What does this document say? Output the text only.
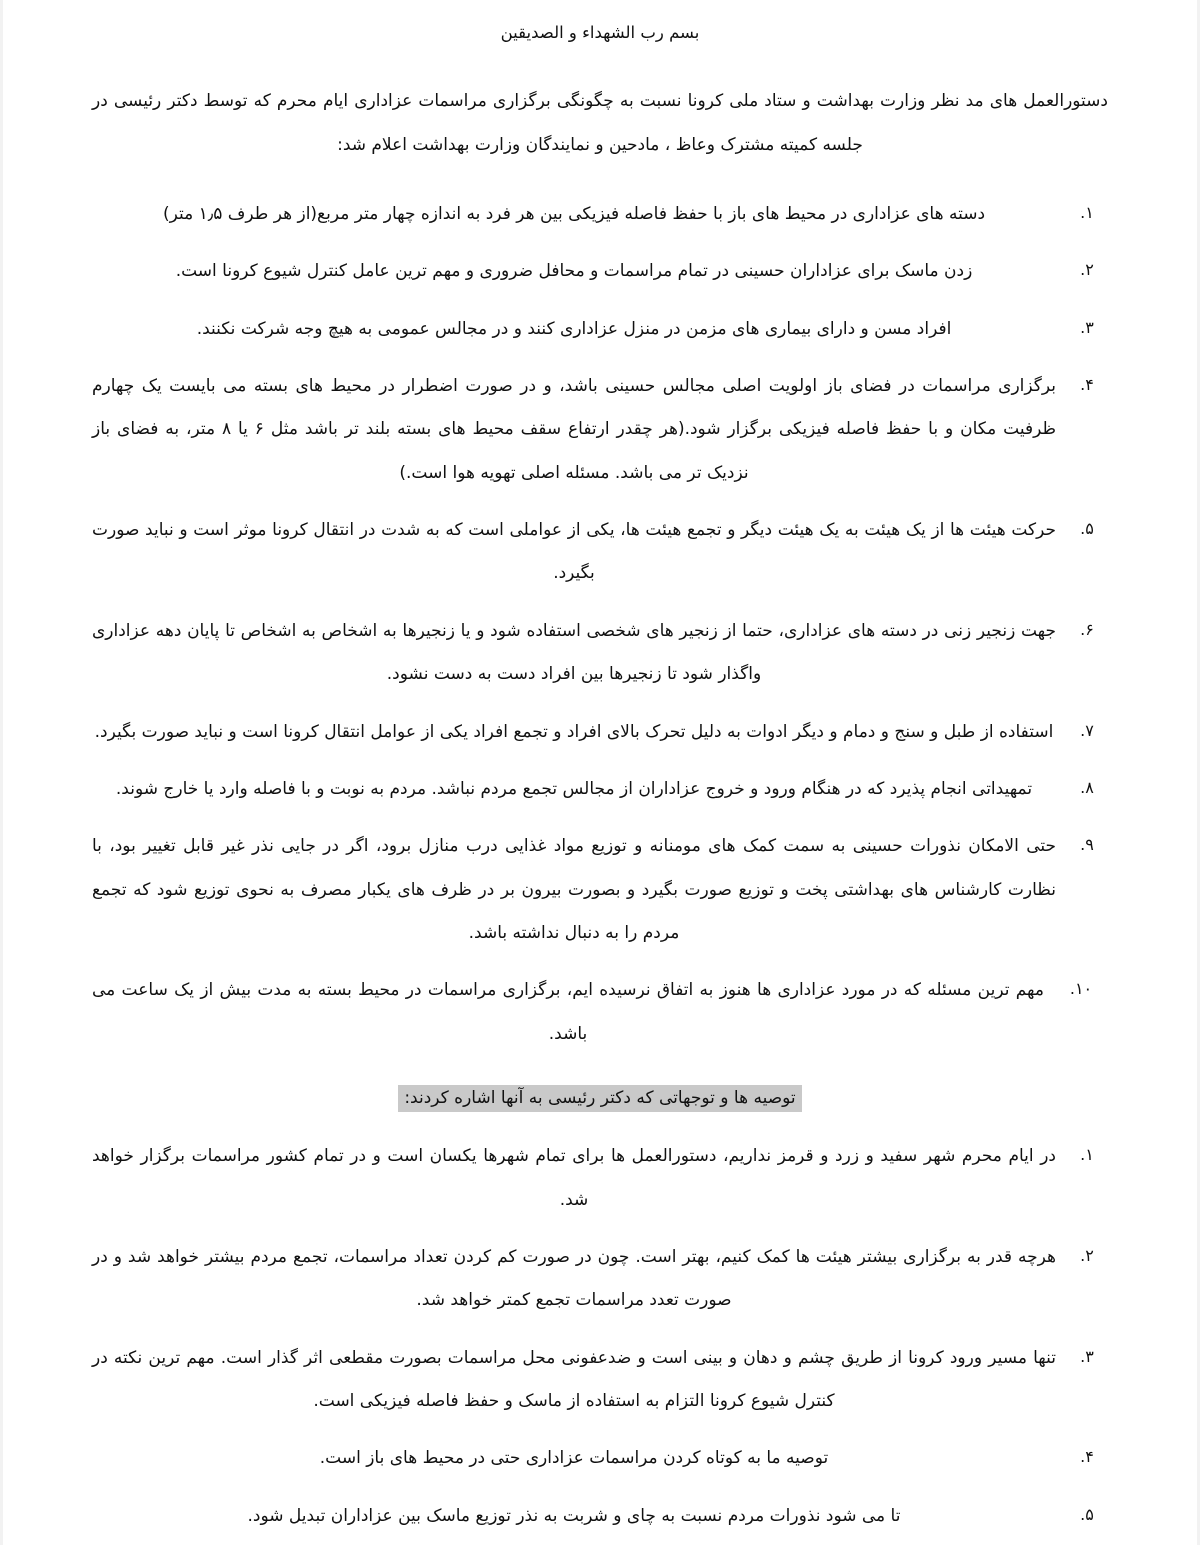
بسم رب الشهداء و الصدیقین

دستورالعمل های مد نظر وزارت بهداشت و ستاد ملی کرونا نسبت به چگونگی برگزاری مراسمات عزاداری ایام محرم که توسط دکتر رئیسی در جلسه کمیته مشترک وعاظ ، مادحین و نمایندگان وزارت بهداشت اعلام شد:

۱.
دسته های عزاداری در محیط های باز با حفظ فاصله فیزیکی بین هر فرد به اندازه چهار متر مربع(از هر طرف ۱٫۵ متر)
۲.
زدن ماسک برای عزاداران حسینی در تمام مراسمات و محافل ضروری و مهم ترین عامل کنترل شیوع کرونا است.
۳.
افراد مسن و دارای بیماری های مزمن در منزل عزاداری کنند و در مجالس عمومی به هیچ وجه شرکت نکنند.
۴.
برگزاری مراسمات در فضای باز اولویت اصلی مجالس حسینی باشد، و در صورت اضطرار در محیط های بسته می بایست یک چهارم ظرفیت مکان و با حفظ فاصله فیزیکی برگزار شود.(هر چقدر ارتفاع سقف محیط های بسته بلند تر باشد مثل ۶ یا ۸ متر، به فضای باز نزدیک تر می باشد. مسئله اصلی تهویه هوا است.)
۵.
حرکت هیئت ها از یک هیئت به یک هیئت دیگر و تجمع هیئت ها، یکی از عواملی است که به شدت در انتقال کرونا موثر است و نباید صورت بگیرد.
۶.
جهت زنجیر زنی در دسته های عزاداری، حتما از زنجیر های شخصی استفاده شود و یا زنجیرها به اشخاص به اشخاص تا پایان دهه عزاداری واگذار شود تا زنجیرها بین افراد دست به دست نشود.
۷.
استفاده از طبل و سنج و دمام و دیگر ادوات به دلیل تحرک بالای افراد و تجمع افراد یکی از عوامل انتقال کرونا است و نباید صورت بگیرد.
۸.
تمهیداتی انجام پذیرد که در هنگام ورود و خروج عزاداران از مجالس تجمع مردم نباشد. مردم به نوبت و با فاصله وارد یا خارج شوند.
۹.
حتی الامکان نذورات حسینی به سمت کمک های مومنانه و توزیع مواد غذایی درب منازل برود، اگر در جایی نذر غیر قابل تغییر بود، با نظارت کارشناس های بهداشتی پخت و توزیع صورت بگیرد و بصورت بیرون بر در ظرف های یکبار مصرف به نحوی توزیع شود که تجمع مردم را به دنبال نداشته باشد.
۱۰.
مهم ترین مسئله که در مورد عزاداری ها هنوز به اتفاق نرسیده ایم، برگزاری مراسمات در محیط بسته به مدت بیش از یک ساعت می باشد.
توصیه ها و توجهاتی که دکتر رئیسی به آنها اشاره کردند:
۱.
در ایام محرم شهر سفید و زرد و قرمز نداریم، دستورالعمل ها برای تمام شهرها یکسان است و در تمام کشور مراسمات برگزار خواهد شد.
۲.
هرچه قدر به برگزاری بیشتر هیئت ها کمک کنیم، بهتر است. چون در صورت کم کردن تعداد مراسمات، تجمع مردم بیشتر خواهد شد و در صورت تعدد مراسمات تجمع کمتر خواهد شد.
۳.
تنها مسیر ورود کرونا از طریق چشم و دهان و بینی است و ضدعفونی محل مراسمات بصورت مقطعی اثر گذار است. مهم ترین نکته در کنترل شیوع کرونا التزام به استفاده از ماسک و حفظ فاصله فیزیکی است.
۴.
توصیه ما به کوتاه کردن مراسمات عزاداری حتی در محیط های باز است.
۵.
تا می شود نذورات مردم نسبت به چای و شربت به نذر توزیع ماسک بین عزاداران تبدیل شود.
